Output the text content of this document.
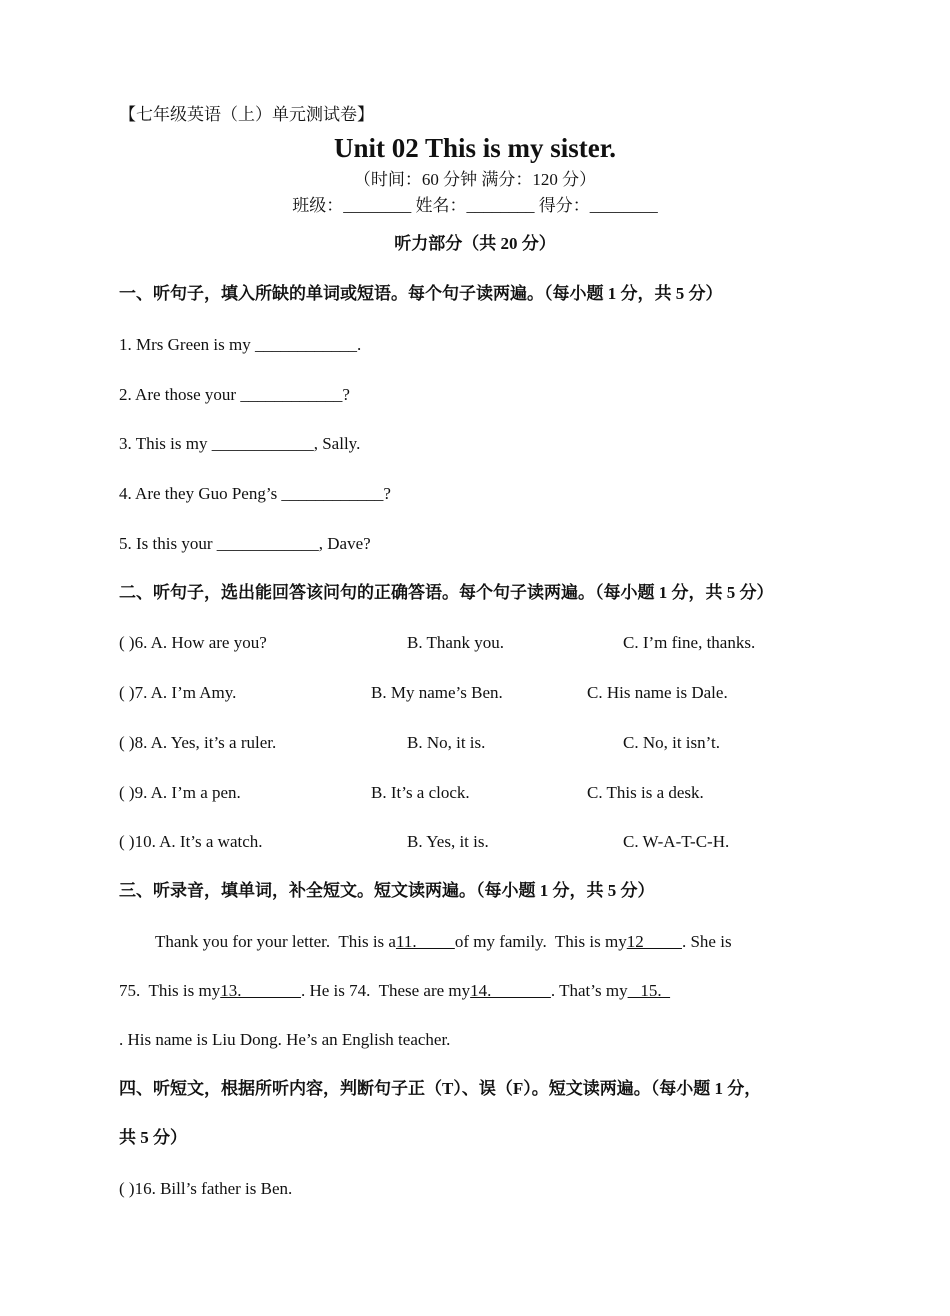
【七年级英语（上）单元测试卷】
Unit 02 This is my sister.
（时间：60 分钟 满分：120 分）
班级：________ 姓名：________ 得分：________
听力部分（共 20 分）
一、听句子，填入所缺的单词或短语。每个句子读两遍。（每小题 1 分，共 5 分）
1. Mrs Green is my ____________.
2. Are those your ____________?
3. This is my ____________, Sally.
4. Are they Guo Peng’s ____________?
5. Is this your ____________, Dave?
二、听句子，选出能回答该问句的正确答语。每个句子读两遍。（每小题 1 分，共 5 分）
( )6. A. How are you?	B. Thank you.	C. I’m fine, thanks.
( )7. A. I’m Amy.	B. My name’s Ben.	C. His name is Dale.
( )8. A. Yes, it’s a ruler.	B. No, it is.	C. No, it isn’t.
( )9. A. I’m a pen.	B. It’s a clock.	C. This is a desk.
( )10. A. It’s a watch.	B. Yes, it is.	C. W-A-T-C-H.
三、听录音，填单词，补全短文。短文读两遍。（每小题 1 分，共 5 分）
Thank you for your letter.  This is a11.         of my family.  This is my12         . She is
75.  This is my13.              . He is 74.  These are my14.              . That’s my   15.
. His name is Liu Dong. He’s an English teacher.
四、听短文，根据所听内容，判断句子正（T）、误（F）。短文读两遍。（每小题 1 分，
共 5 分）
( )16. Bill’s father is Ben.
